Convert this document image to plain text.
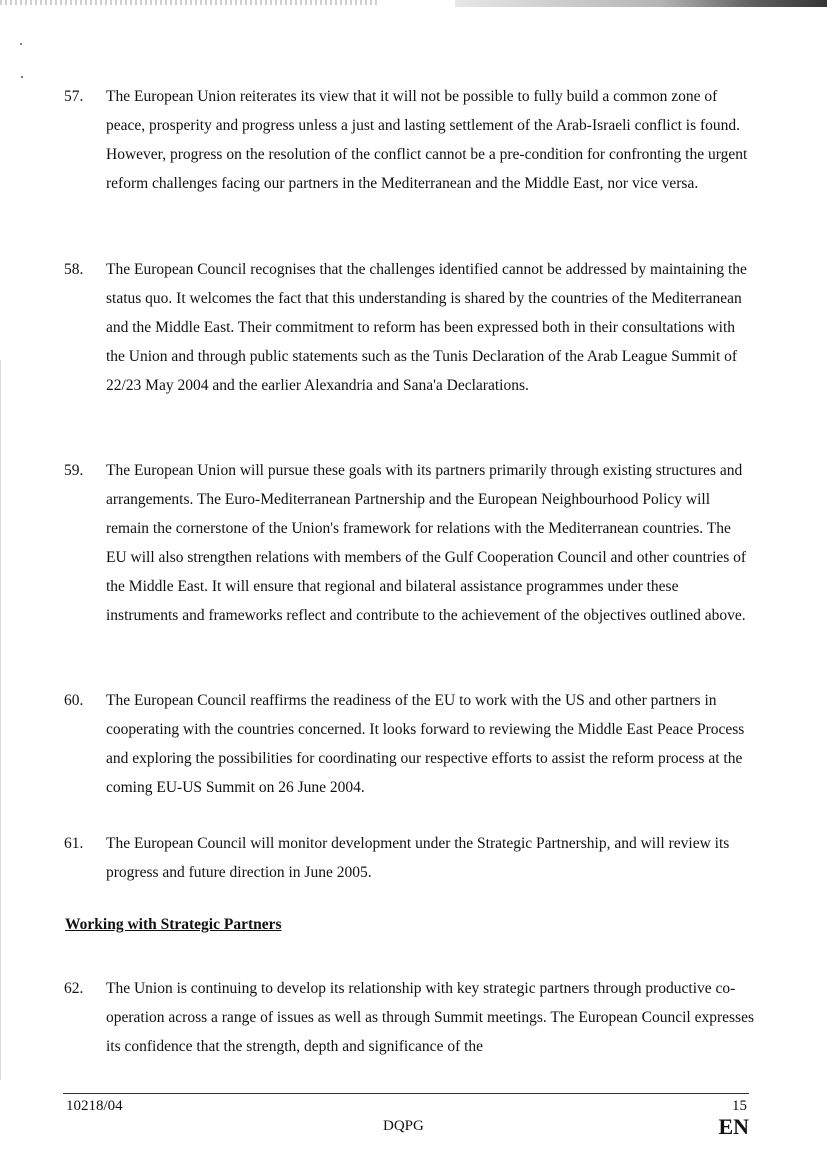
57.	The European Union reiterates its view that it will not be possible to fully build a common zone of peace, prosperity and progress unless a just and lasting settlement of the Arab-Israeli conflict is found. However, progress on the resolution of the conflict cannot be a pre-condition for confronting the urgent reform challenges facing our partners in the Mediterranean and the Middle East, nor vice versa.
58.	The European Council recognises that the challenges identified cannot be addressed by maintaining the status quo. It welcomes the fact that this understanding is shared by the countries of the Mediterranean and the Middle East. Their commitment to reform has been expressed both in their consultations with the Union and through public statements such as the Tunis Declaration of the Arab League Summit of 22/23 May 2004 and the earlier Alexandria and Sana'a Declarations.
59.	The European Union will pursue these goals with its partners primarily through existing structures and arrangements. The Euro-Mediterranean Partnership and the European Neighbourhood Policy will remain the cornerstone of the Union's framework for relations with the Mediterranean countries. The EU will also strengthen relations with members of the Gulf Cooperation Council and other countries of the Middle East. It will ensure that regional and bilateral assistance programmes under these instruments and frameworks reflect and contribute to the achievement of the objectives outlined above.
60.	The European Council reaffirms the readiness of the EU to work with the US and other partners in cooperating with the countries concerned. It looks forward to reviewing the Middle East Peace Process and exploring the possibilities for coordinating our respective efforts to assist the reform process at the coming EU-US Summit on 26 June 2004.
61.	The European Council will monitor development under the Strategic Partnership, and will review its progress and future direction in June 2005.
Working with Strategic Partners
62.	The Union is continuing to develop its relationship with key strategic partners through productive co-operation across a range of issues as well as through Summit meetings. The European Council expresses its confidence that the strength, depth and significance of the
10218/04
DQPG
15
EN
